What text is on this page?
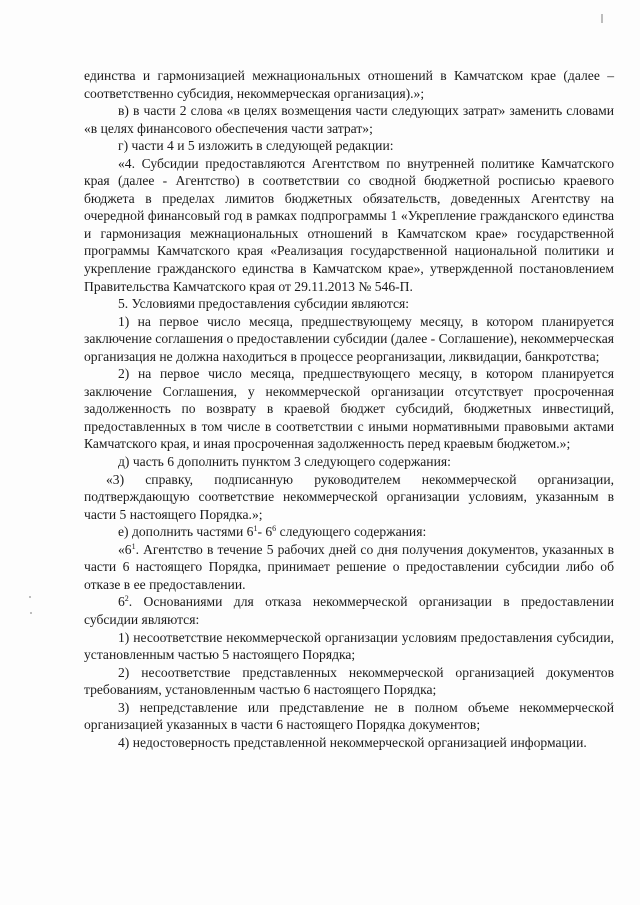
единства и гармонизацией межнациональных отношений в Камчатском крае (далее – соответственно субсидия, некоммерческая организация).»;

в) в части 2 слова «в целях возмещения части следующих затрат» заменить словами «в целях финансового обеспечения части затрат»;

г) части 4 и 5 изложить в следующей редакции:

«4. Субсидии предоставляются Агентством по внутренней политике Камчатского края (далее - Агентство) в соответствии со сводной бюджетной росписью краевого бюджета в пределах лимитов бюджетных обязательств, доведенных Агентству на очередной финансовый год в рамках подпрограммы 1 «Укрепление гражданского единства и гармонизация межнациональных отношений в Камчатском крае» государственной программы Камчатского края «Реализация государственной национальной политики и укрепление гражданского единства в Камчатском крае», утвержденной постановлением Правительства Камчатского края от 29.11.2013 № 546-П.

5. Условиями предоставления субсидии являются:

1) на первое число месяца, предшествующему месяцу, в котором планируется заключение соглашения о предоставлении субсидии (далее - Соглашение), некоммерческая организация не должна находиться в процессе реорганизации, ликвидации, банкротства;

2) на первое число месяца, предшествующего месяцу, в котором планируется заключение Соглашения, у некоммерческой организации отсутствует просроченная задолженность по возврату в краевой бюджет субсидий, бюджетных инвестиций, предоставленных в том числе в соответствии с иными нормативными правовыми актами Камчатского края, и иная просроченная задолженность перед краевым бюджетом.»;

д) часть 6 дополнить пунктом 3 следующего содержания:

«3) справку, подписанную руководителем некоммерческой организации, подтверждающую соответствие некоммерческой организации условиям, указанным в части 5 настоящего Порядка.»;

е) дополнить частями $6^1-$ $6^6$ следующего содержания:

«$6^1$. Агентство в течение 5 рабочих дней со дня получения документов, указанных в части 6 настоящего Порядка, принимает решение о предоставлении субсидии либо об отказе в ее предоставлении.

$6^2$. Основаниями для отказа некоммерческой организации в предоставлении субсидии являются:

1) несоответствие некоммерческой организации условиям предоставления субсидии, установленным частью 5 настоящего Порядка;

2) несоответствие представленных некоммерческой организацией документов требованиям, установленным частью 6 настоящего Порядка;

3) непредставление или представление не в полном объеме некоммерческой организацией указанных в части 6 настоящего Порядка документов;

4) недостоверность представленной некоммерческой организацией информации.
